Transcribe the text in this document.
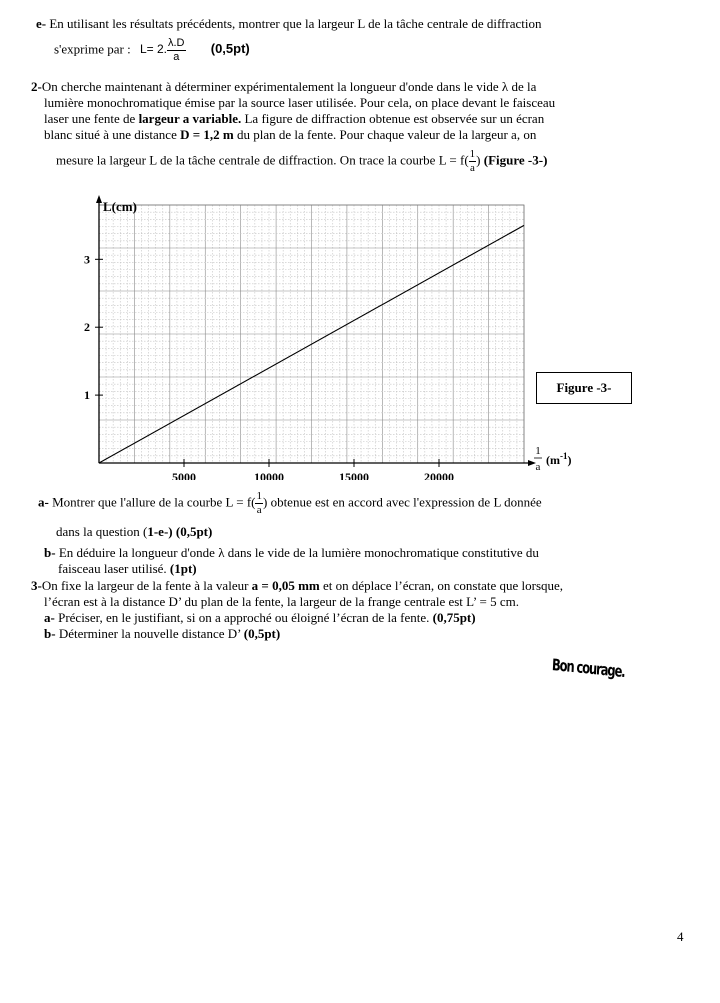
e- En utilisant les résultats précédents, montrer que la largeur L de la tâche centrale de diffraction
s'exprime par : L= 2. $\frac{\lambda.D}{a} (0,5pt)$
2-On cherche maintenant à déterminer expérimentalement la longueur d'onde dans le vide λ de la
lumière monochromatique émise par la source laser utilisée. Pour cela, on place devant le faisceau
laser une fente de largeur a variable. La figure de diffraction obtenue est observée sur un écran
blanc situé à une distance D = 1,2 m du plan de la fente. Pour chaque valeur de la largeur a, on
mesure la largeur L de la tâche centrale de diffraction. On trace la courbe $L = f( \frac{1}{a}$ ) (Figure -3-)
5000	10000	15000	20000
1
2
3
L(cm)
1
a $(m^{-1})$
Figure -3-
a- Montrer que l'allure de la courbe $L = f( \frac{1}{a}$ ) obtenue est en accord avec l'expression de L donnée
dans la question (1-e-) (0,5pt)
b- En déduire la longueur d'onde λ dans le vide de la lumière monochromatique constitutive du
faisceau laser utilisé. (1pt)
3-On fixe la largeur de la fente à la valeur a = 0,05 mm et on déplace l’écran, on constate que lorsque,
l’écran est à la distance D’ du plan de la fente, la largeur de la frange centrale est L’ = 5 cm.
a- Préciser, en le justifiant, si on a approché ou éloigné l’écran de la fente. (0,75pt)
b- Déterminer la nouvelle distance D’ (0,5pt)
Bon courage.
4
